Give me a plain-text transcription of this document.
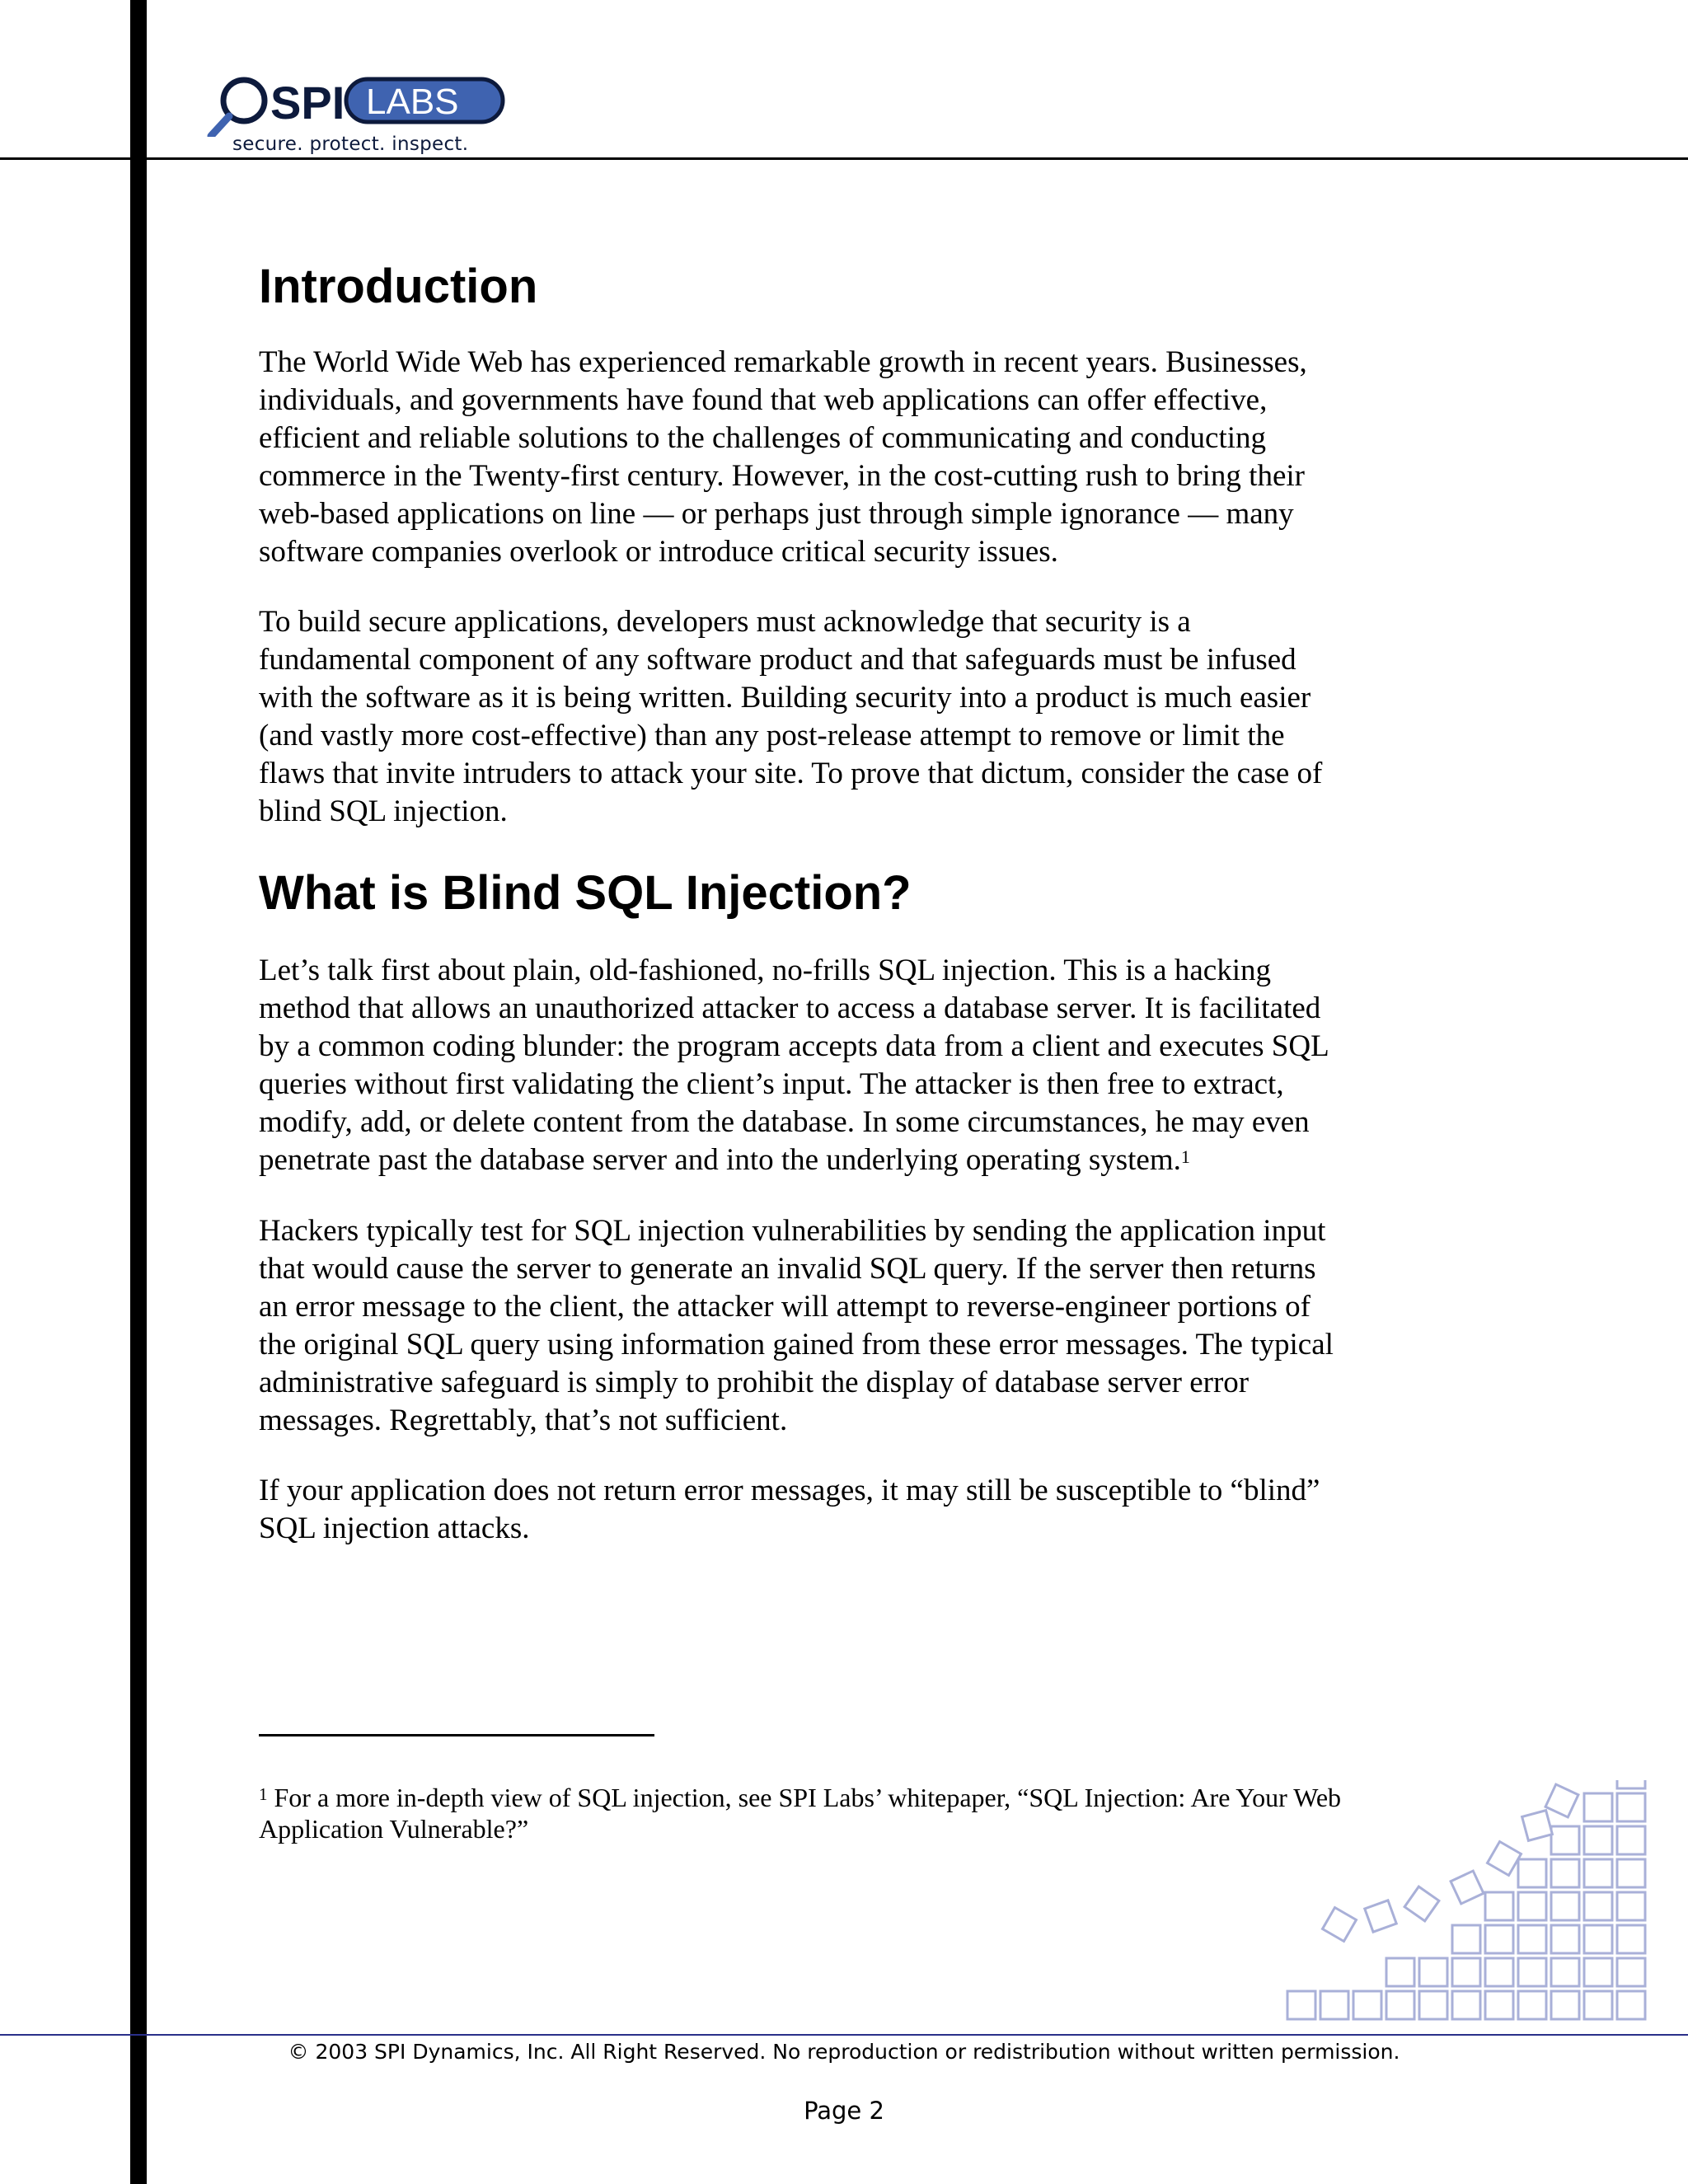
SPI LABS
secure. protect. inspect.
Introduction

The World Wide Web has experienced remarkable growth in recent years. Businesses,
individuals, and governments have found that web applications can offer effective,
efficient and reliable solutions to the challenges of communicating and conducting
commerce in the Twenty-first century. However, in the cost-cutting rush to bring their
web-based applications on line — or perhaps just through simple ignorance — many
software companies overlook or introduce critical security issues.

To build secure applications, developers must acknowledge that security is a
fundamental component of any software product and that safeguards must be infused
with the software as it is being written. Building security into a product is much easier
(and vastly more cost-effective) than any post-release attempt to remove or limit the
flaws that invite intruders to attack your site. To prove that dictum, consider the case of
blind SQL injection.

What is Blind SQL Injection?

Let’s talk first about plain, old-fashioned, no-frills SQL injection. This is a hacking
method that allows an unauthorized attacker to access a database server. It is facilitated
by a common coding blunder: the program accepts data from a client and executes SQL
queries without first validating the client’s input. The attacker is then free to extract,
modify, add, or delete content from the database. In some circumstances, he may even
penetrate past the database server and into the underlying operating system.$^1$

Hackers typically test for SQL injection vulnerabilities by sending the application input
that would cause the server to generate an invalid SQL query. If the server then returns
an error message to the client, the attacker will attempt to reverse-engineer portions of
the original SQL query using information gained from these error messages. The typical
administrative safeguard is simply to prohibit the display of database server error
messages. Regrettably, that’s not sufficient.

If your application does not return error messages, it may still be susceptible to “blind”
SQL injection attacks.

$^1$ For a more in-depth view of SQL injection, see SPI Labs’ whitepaper, “SQL Injection: Are Your Web
Application Vulnerable?”
© 2003 SPI Dynamics, Inc. All Right Reserved. No reproduction or redistribution without written permission.
Page 2
